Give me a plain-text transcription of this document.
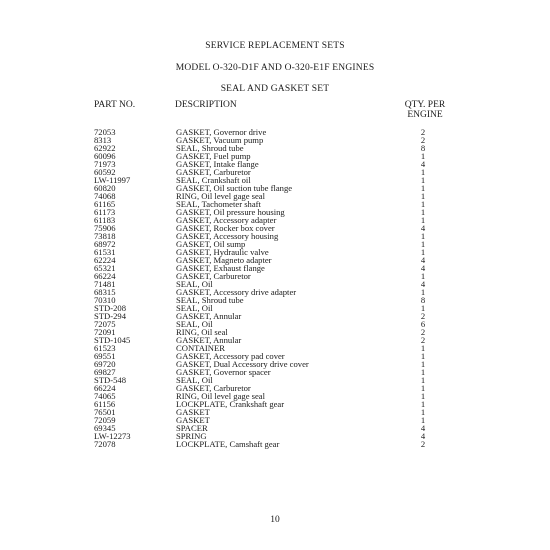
SERVICE REPLACEMENT SETS
MODEL O-320-D1F AND O-320-E1F ENGINES
SEAL AND GASKET SET
PART NO.	DESCRIPTION	QTY. PER
ENGINE
72053	GASKET, Governor drive	2
8313	GASKET, Vacuum pump	2
62922	SEAL, Shroud tube	8
60096	GASKET, Fuel pump	1
71973	GASKET, Intake flange	4
60592	GASKET, Carburetor	1
LW-11997	SEAL, Crankshaft oil	1
60820	GASKET, Oil suction tube flange	1
74068	RING, Oil level gage seal	1
61165	SEAL, Tachometer shaft	1
61173	GASKET, Oil pressure housing	1
61183	GASKET, Accessory adapter	1
75906	GASKET, Rocker box cover	4
73818	GASKET, Accessory housing	1
68972	GASKET, Oil sump	1
61531	GASKET, Hydraulic valve	1
62224	GASKET, Magneto adapter	4
65321	GASKET, Exhaust flange	4
66224	GASKET, Carburetor	1
71481	SEAL, Oil	4
68315	GASKET, Accessory drive adapter	1
70310	SEAL, Shroud tube	8
STD-208	SEAL, Oil	1
STD-294	GASKET, Annular	2
72075	SEAL, Oil	6
72091	RING, Oil seal	2
STD-1045	GASKET, Annular	2
61523	CONTAINER	1
69551	GASKET, Accessory pad cover	1
69720	GASKET, Dual Accessory drive cover	1
69827	GASKET, Governor spacer	1
STD-548	SEAL, Oil	1
66224	GASKET, Carburetor	1
74065	RING, Oil level gage seal	1
61156	LOCKPLATE, Crankshaft gear	1
76501	GASKET	1
72059	GASKET	1
69345	SPACER	4
LW-12273	SPRING	4
72078	LOCKPLATE, Camshaft gear	2
10
